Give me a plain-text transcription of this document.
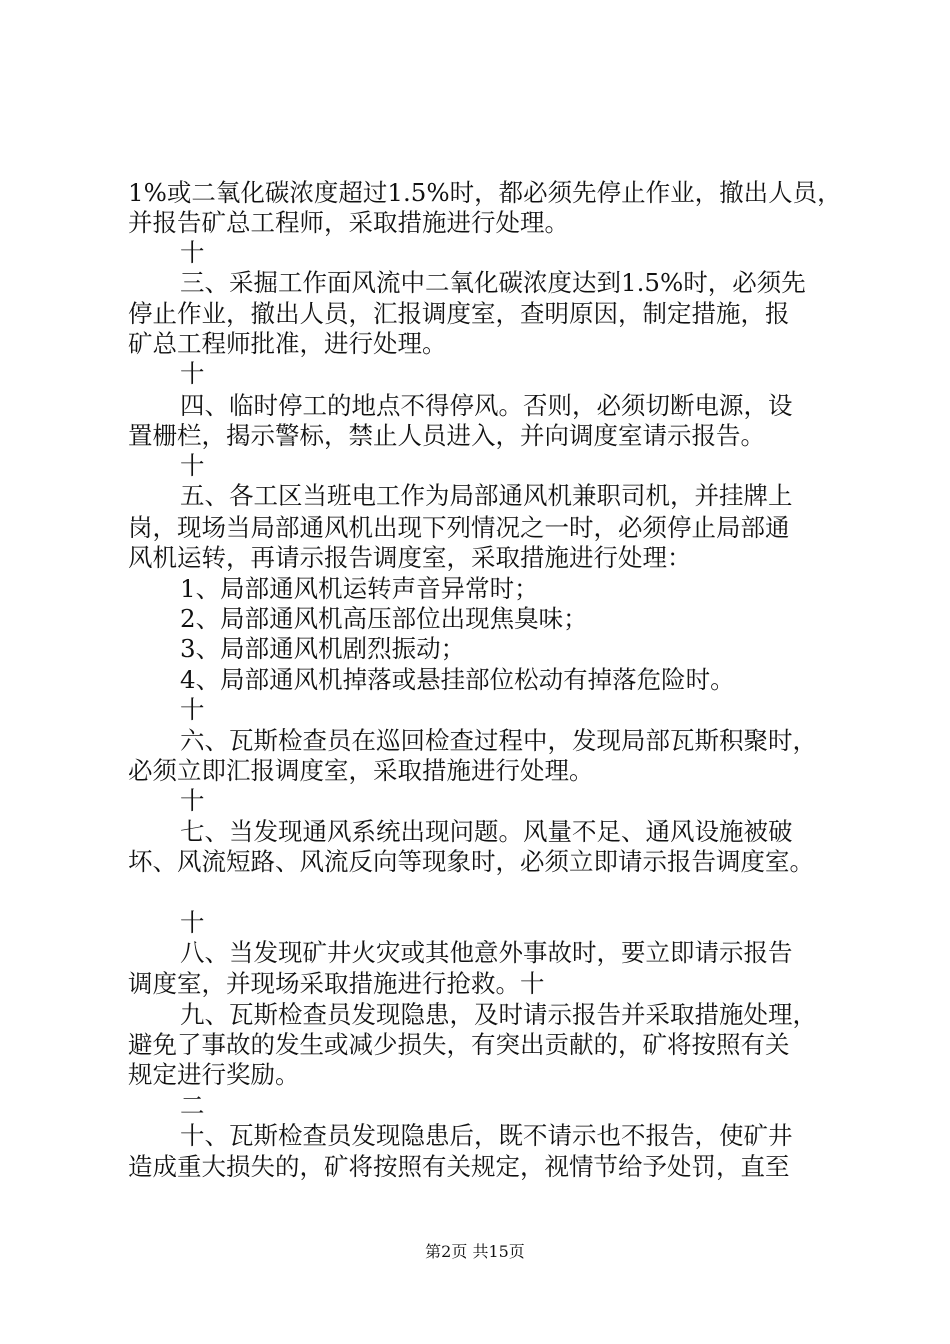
1%或二氧化碳浓度超过1.5%时，都必须先停止作业，撤出人员，

并报告矿总工程师，采取措施进行处理。

十

三、采掘工作面风流中二氧化碳浓度达到1.5%时，必须先

停止作业，撤出人员，汇报调度室，查明原因，制定措施，报

矿总工程师批准，进行处理。

十

四、临时停工的地点不得停风。否则，必须切断电源，设

置栅栏，揭示警标，禁止人员进入，并向调度室请示报告。

十

五、各工区当班电工作为局部通风机兼职司机，并挂牌上

岗，现场当局部通风机出现下列情况之一时，必须停止局部通

风机运转，再请示报告调度室，采取措施进行处理：

1、局部通风机运转声音异常时；

2、局部通风机高压部位出现焦臭味；

3、局部通风机剧烈振动；

4、局部通风机掉落或悬挂部位松动有掉落危险时。

十

六、瓦斯检查员在巡回检查过程中，发现局部瓦斯积聚时，

必须立即汇报调度室，采取措施进行处理。

十

七、当发现通风系统出现问题。风量不足、通风设施被破

坏、风流短路、风流反向等现象时，必须立即请示报告调度室。

十

八、当发现矿井火灾或其他意外事故时，要立即请示报告

调度室，并现场采取措施进行抢救。十

九、瓦斯检查员发现隐患，及时请示报告并采取措施处理，

避免了事故的发生或减少损失，有突出贡献的，矿将按照有关

规定进行奖励。

二

十、瓦斯检查员发现隐患后，既不请示也不报告，使矿井

造成重大损失的，矿将按照有关规定，视情节给予处罚，直至

第2页 共15页
